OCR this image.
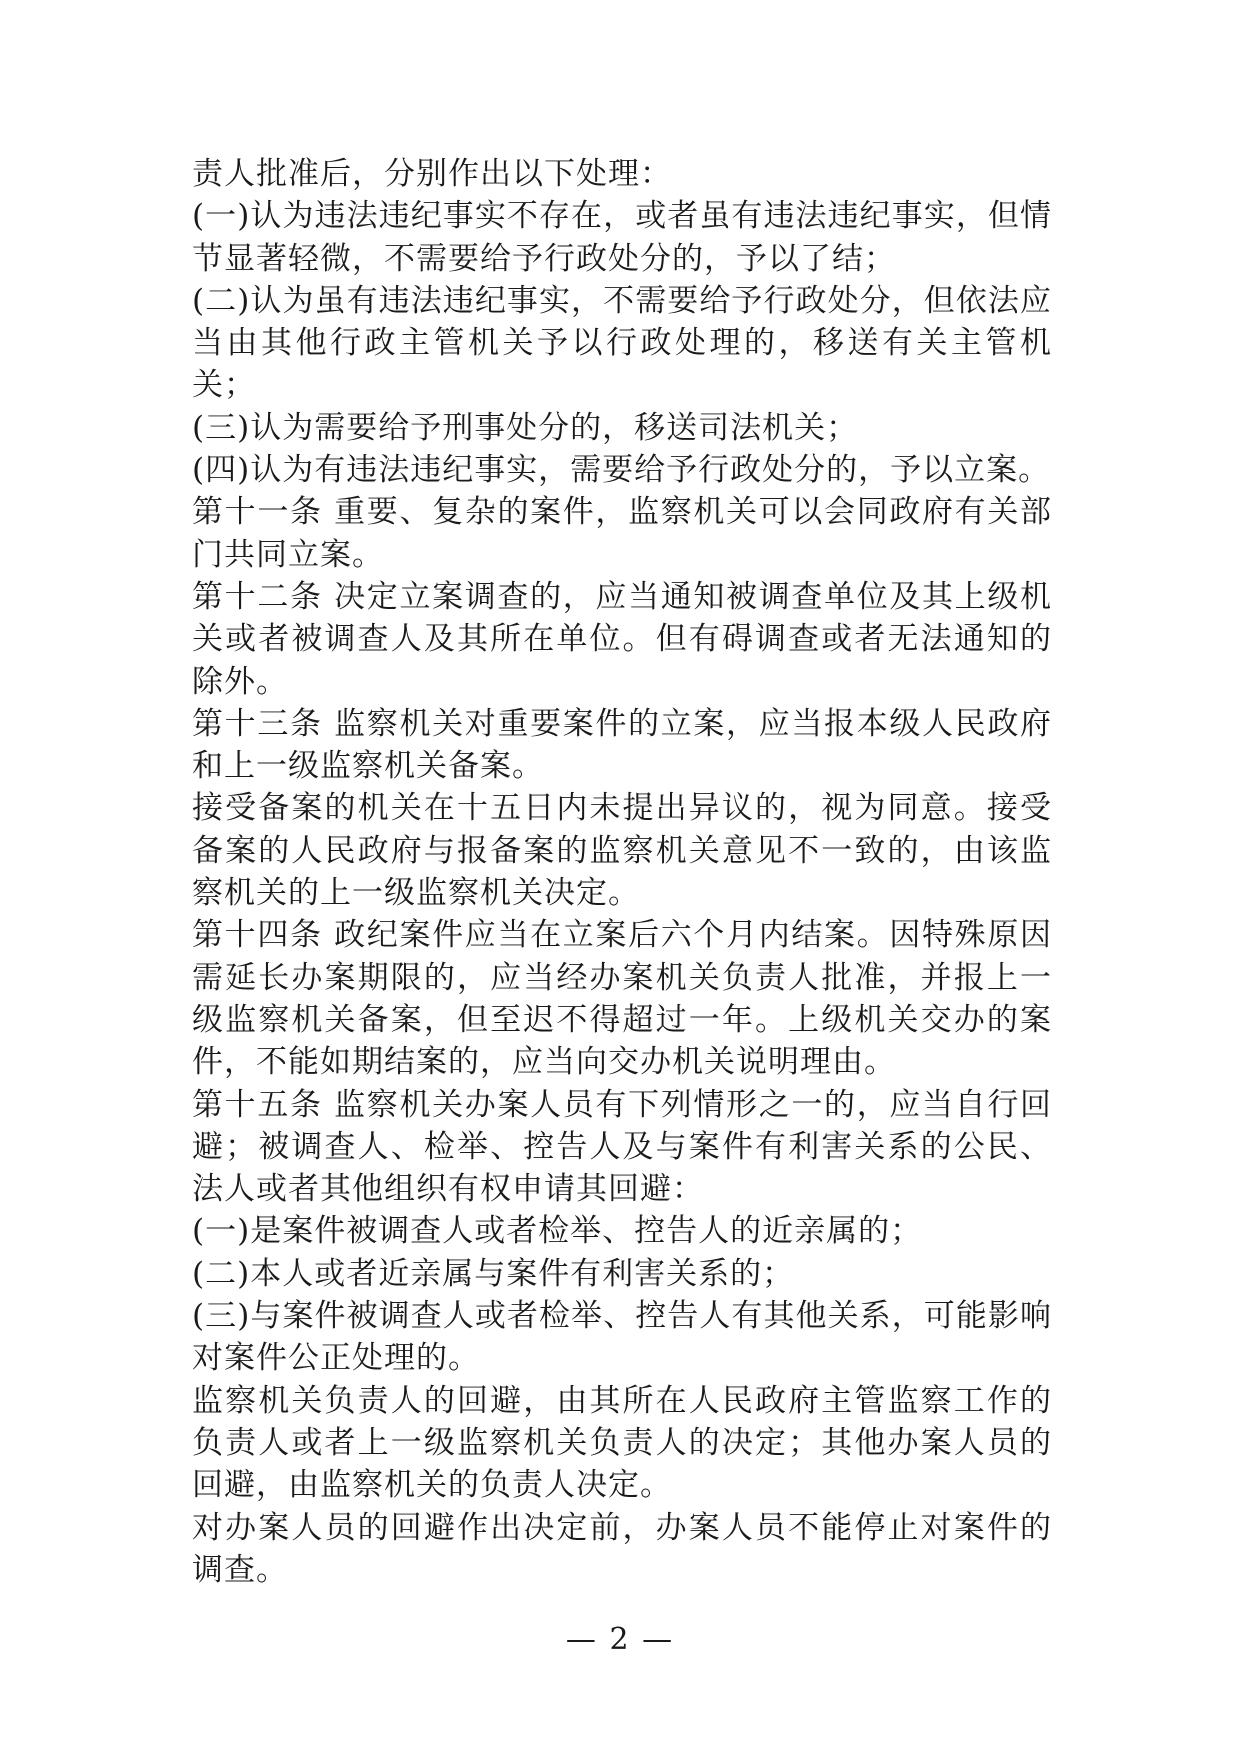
责人批准后，分别作出以下处理：

(一)认为违法违纪事实不存在，或者虽有违法违纪事实，但情节显著轻微，不需要给予行政处分的，予以了结；

(二)认为虽有违法违纪事实，不需要给予行政处分，但依法应当由其他行政主管机关予以行政处理的，移送有关主管机关；

(三)认为需要给予刑事处分的，移送司法机关；

(四)认为有违法违纪事实，需要给予行政处分的，予以立案。

第十一条 重要、复杂的案件，监察机关可以会同政府有关部门共同立案。

第十二条 决定立案调查的，应当通知被调查单位及其上级机关或者被调查人及其所在单位。但有碍调查或者无法通知的除外。

第十三条 监察机关对重要案件的立案，应当报本级人民政府和上一级监察机关备案。

接受备案的机关在十五日内未提出异议的，视为同意。接受备案的人民政府与报备案的监察机关意见不一致的，由该监察机关的上一级监察机关决定。

第十四条 政纪案件应当在立案后六个月内结案。因特殊原因需延长办案期限的，应当经办案机关负责人批准，并报上一级监察机关备案，但至迟不得超过一年。上级机关交办的案件，不能如期结案的，应当向交办机关说明理由。

第十五条 监察机关办案人员有下列情形之一的，应当自行回避；被调查人、检举、控告人及与案件有利害关系的公民、法人或者其他组织有权申请其回避：

(一)是案件被调查人或者检举、控告人的近亲属的；

(二)本人或者近亲属与案件有利害关系的；

(三)与案件被调查人或者检举、控告人有其他关系，可能影响对案件公正处理的。

监察机关负责人的回避，由其所在人民政府主管监察工作的负责人或者上一级监察机关负责人的决定；其他办案人员的回避，由监察机关的负责人决定。

对办案人员的回避作出决定前，办案人员不能停止对案件的调查。

— 2 —
